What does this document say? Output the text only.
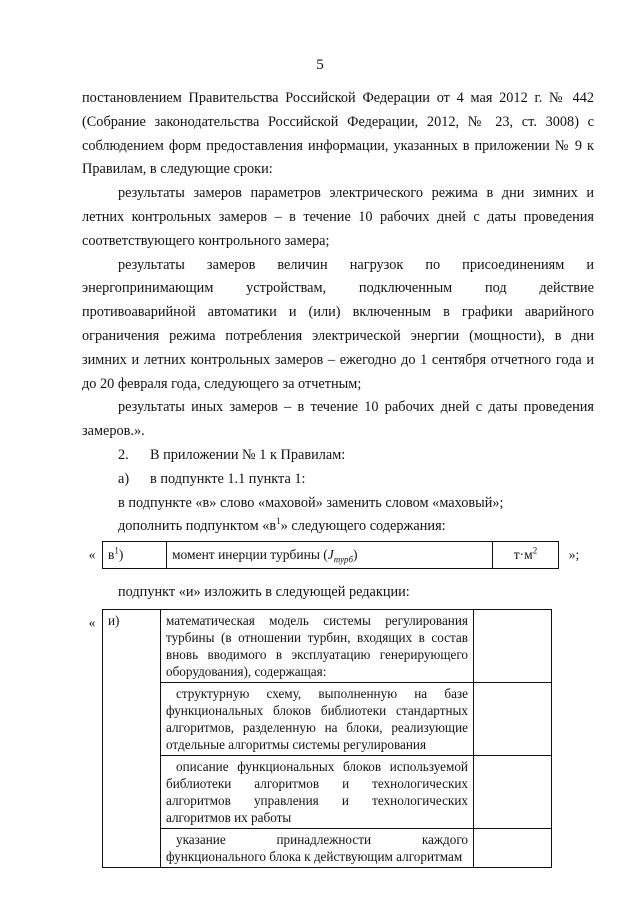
5

постановлением Правительства Российской Федерации от 4 мая 2012 г. № 442 (Собрание законодательства Российской Федерации, 2012, № 23, ст. 3008) с соблюдением форм предоставления информации, указанных в приложении № 9 к Правилам, в следующие сроки:

результаты замеров параметров электрического режима в дни зимних и летних контрольных замеров – в течение 10 рабочих дней с даты проведения соответствующего контрольного замера;

результаты замеров величин нагрузок по присоединениям и энергопринимающим устройствам, подключенным под действие противоаварийной автоматики и (или) включенным в графики аварийного ограничения режима потребления электрической энергии (мощности), в дни зимних и летних контрольных замеров – ежегодно до 1 сентября отчетного года и до 20 февраля года, следующего за отчетным;

результаты иных замеров – в течение 10 рабочих дней с даты проведения замеров.».

2. В приложении № 1 к Правилам:
а) в подпункте 1.1 пункта 1:

в подпункте «в» слово «маховой» заменить словом «маховый»;

дополнить подпунктом «$в^1$» следующего содержания:

« $в^1$)	момент инерции турбины $(J_{турб})$	$т\cdot м^2$	»;

подпункт «и» изложить в следующей редакции:

« и)	математическая модель системы регулирования турбины (в отношении турбин, входящих в состав вновь вводимого в эксплуатацию генерирующего оборудования), содержащая:	

	структурную схему, выполненную на базе функциональных блоков библиотеки стандартных алгоритмов, разделенную на блоки, реализующие отдельные алгоритмы системы регулирования	

	описание функциональных блоков используемой библиотеки алгоритмов и технологических алгоритмов управления и технологических алгоритмов их работы	

	указание принадлежности каждого функционального блока к действующим алгоритмам	
